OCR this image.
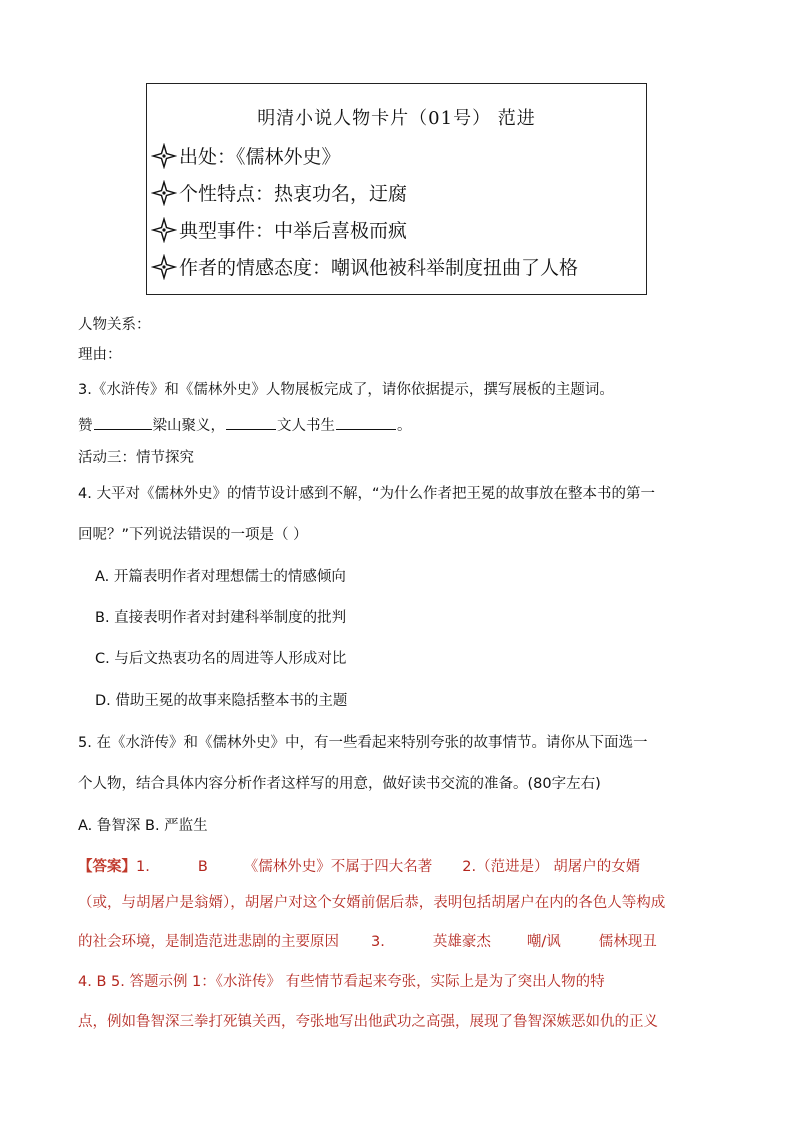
明清小说人物卡片（01号） 范进
出处：《儒林外史》
个性特点：热衷功名，迂腐
典型事件：中举后喜极而疯
作者的情感态度：嘲讽他被科举制度扭曲了人格
人物关系：
理由：
3.《水浒传》和《儒林外史》人物展板完成了，请你依据提示，撰写展板的主题词。
赞	梁山聚义，	文人书生	。
活动三：情节探究
4. 大平对《儒林外史》的情节设计感到不解，“为什么作者把王冕的故事放在整本书的第一
回呢？”下列说法错误的一项是（ ）
A. 开篇表明作者对理想儒士的情感倾向
B. 直接表明作者对封建科举制度的批判
C. 与后文热衷功名的周进等人形成对比
D. 借助王冕的故事来隐括整本书的主题
5. 在《水浒传》和《儒林外史》中，有一些看起来特别夸张的故事情节。请你从下面选一
个人物，结合具体内容分析作者这样写的用意，做好读书交流的准备。(80字左右)
A. 鲁智深 B. 严监生
【答案】1.	B 《儒林外史》不属于四大名著 2.（范进是） 胡屠户的女婿
（或，与胡屠户是翁婿），胡屠户对这个女婿前倨后恭，表明包括胡屠户在内的各色人等构成
的社会环境，是制造范进悲剧的主要原因 3.	英雄豪杰 嘲/讽	儒林现丑
4. B 5. 答题示例 1：《水浒传》 有些情节看起来夸张，实际上是为了突出人物的特
点，例如鲁智深三拳打死镇关西，夸张地写出他武功之高强，展现了鲁智深嫉恶如仇的正义
